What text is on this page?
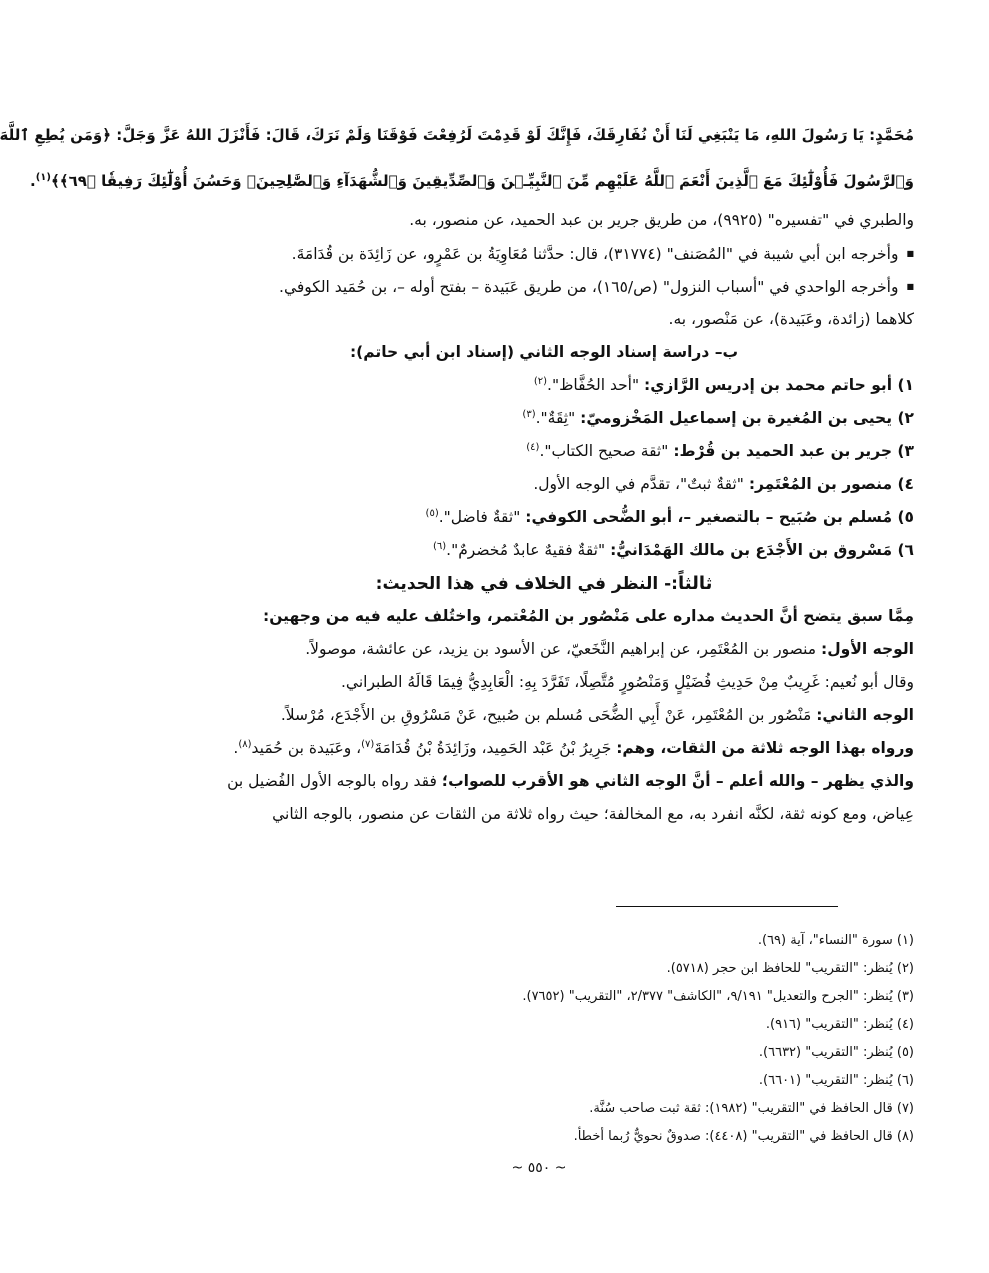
مُحَمَّدٍ: يَا رَسُولَ اللهِ، مَا يَنْبَغِي لَنَا أَنْ نُفَارِقَكَ، فَإِنَّكَ لَوْ قَدِمْتَ لَرُفِعْتَ فَوْقَنَا وَلَمْ نَرَكَ، قَالَ: فَأَنْزَلَ اللهُ عَزَّ وَجَلَّ: ﴿وَمَن يُطِعِ ٱللَّهَ
وَٱلرَّسُولَ فَأُوْلَٰٓئِكَ مَعَ ٱلَّذِينَ أَنْعَمَ ٱللَّهُ عَلَيْهِم مِّنَ ٱلنَّبِيِّـۧنَ وَٱلصِّدِّيقِينَ وَٱلشُّهَدَآءِ وَٱلصَّٰلِحِينَۚ وَحَسُنَ أُوْلَٰٓئِكَ رَفِيقٗا ﴿٦٩﴾﴾$^{(١)}$.
والطبري في "تفسيره" (٩٩٢٥)، من طريق جرير بن عبد الحميد، عن منصور، به.
■ وأخرجه ابن أبي شيبة في "المُصَنف" (٣١٧٧٤)، قال: حدَّثنا مُعَاوِيَةُ بن عَمْرٍو، عن زَائِدَة بن قُدَامَةَ.
■ وأخرجه الواحدي في "أسباب النزول" (ص/١٦٥)، من طريق عَبَيدة – بفتح أوله –، بن حُمَيد الكوفي.
كلاهما (زائدة، وعَبَيدة)، عن مَنْصور، به.
ب– دراسة إسناد الوجه الثاني (إسناد ابن أبي حاتم):
١) أبو حاتم محمد بن إدريس الرَّازي: "أحد الحُفَّاظ".$^{(٢)}$
٢) يحيى بن المُغيرة بن إسماعيل المَخْزوميّ: "ثِقَةٌ".$^{(٣)}$
٣) جرير بن عبد الحميد بن قُرْط: "ثقة صحيح الكتاب".$^{(٤)}$
٤) منصور بن المُعْتَمِر: "ثقةٌ ثبتٌ"، تقدَّم في الوجه الأول.
٥) مُسلم بن صُبَيح – بالتصغير –، أبو الضُّحى الكوفي: "ثقةٌ فاضل".$^{(٥)}$
٦) مَسْروق بن الأَجْدَع بن مالك الهَمْدَانيُّ: "ثقةٌ فقيهٌ عابدٌ مُخضرمٌ".$^{(٦)}$
ثالثاً:- النظر في الخلاف في هذا الحديث:
مِمَّا سبق يتضح أنَّ الحديث مداره على مَنْصُور بن المُعْتمر، واختُلف عليه فيه من وجهين:
الوجه الأول: منصور بن المُعْتَمِر، عن إبراهيم النَّخَعيّ، عن الأسود بن يزيد، عن عائشة، موصولاً.
وقال أبو نُعيم: غَرِيبٌ مِنْ حَدِيثِ فُضَيْلٍ وَمَنْصُورٍ مُتَّصِلًا، تَفَرَّدَ بِهِ: الْعَابِدِيُّ فِيمَا قَالَهُ الطبراني.
الوجه الثاني: مَنْصُور بن المُعْتَمِر، عَنْ أَبِي الضُّحَى مُسلم بن صُبيح، عَنْ مَسْرُوقِ بن الأَجْدَع، مُرْسلاً.
ورواه بهذا الوجه ثلاثة من الثقات، وهم: جَرِيرُ بْنُ عَبْد الحَمِيد، وزَائِدَةُ بْنُ قُدَامَةَ$^{(٧)}$، وعَبَيدة بن حُمَيد$^{(٨)}$.
والذي يظهر – والله أعلم – أنَّ الوجه الثاني هو الأقرب للصواب؛ فقد رواه بالوجه الأول الفُضيل بن
عِياض، ومع كونه ثقة، لكنَّه انفرد به، مع المخالفة؛ حيث رواه ثلاثة من الثقات عن منصور، بالوجه الثاني
(١) سورة "النساء"، آية (٦٩).
(٢) يُنظر: "التقريب" للحافظ ابن حجر (٥٧١٨).
(٣) يُنظر: "الجرح والتعديل" ٩/١٩١، "الكاشف" ٢/٣٧٧، "التقريب" (٧٦٥٢).
(٤) يُنظر: "التقريب" (٩١٦).
(٥) يُنظر: "التقريب" (٦٦٣٢).
(٦) يُنظر: "التقريب" (٦٦٠١).
(٧) قال الحافظ في "التقريب" (١٩٨٢): ثقة ثبت صاحب سُنَّة.
(٨) قال الحافظ في "التقريب" (٤٤٠٨): صدوقٌ نحويٌّ رُبما أخطأ.
~ ٥٥٠ ~
